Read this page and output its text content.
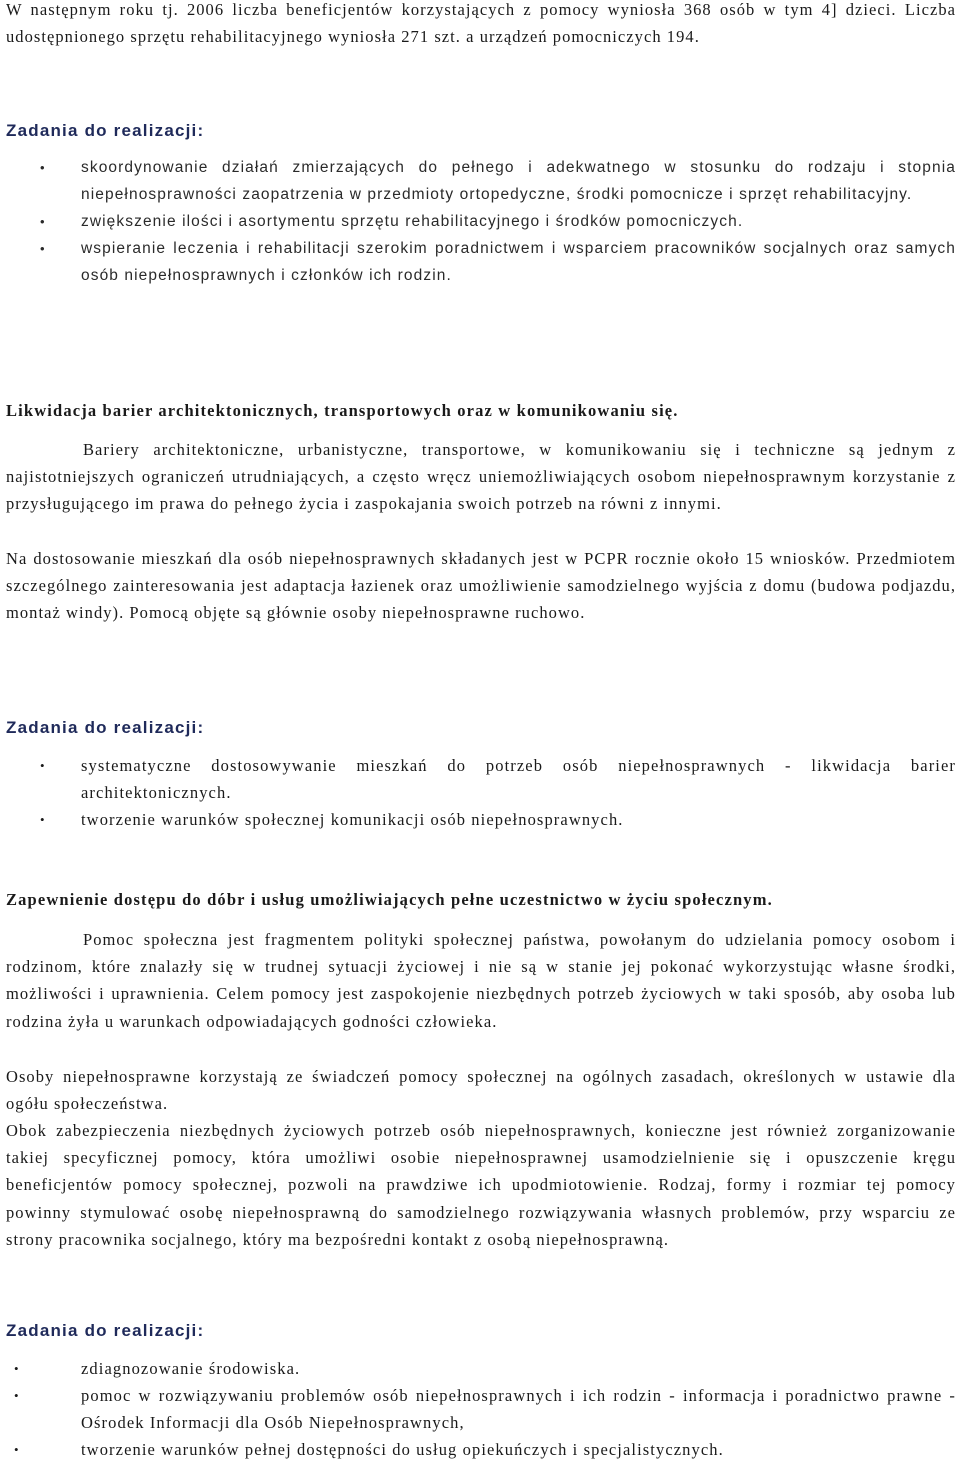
W następnym roku tj. 2006 liczba beneficjentów korzystających z pomocy wyniosła 368 osób w tym 4] dzieci. Liczba udostępnionego sprzętu rehabilitacyjnego wyniosła 271 szt. a urządzeń pomocniczych 194.

Zadania do realizacji:
• skoordynowanie działań zmierzających do pełnego i adekwatnego w stosunku do rodzaju i stopnia niepełnosprawności zaopatrzenia w przedmioty ortopedyczne, środki pomocnicze i sprzęt rehabilitacyjny.
• zwiększenie ilości i asortymentu sprzętu rehabilitacyjnego i środków pomocniczych.
• wspieranie leczenia i rehabilitacji szerokim poradnictwem i wsparciem pracowników socjalnych oraz samych osób niepełnosprawnych i członków ich rodzin.
Likwidacja barier architektonicznych, transportowych oraz w komunikowaniu się.

Bariery architektoniczne, urbanistyczne, transportowe, w komunikowaniu się i techniczne są jednym z najistotniejszych ograniczeń utrudniających, a często wręcz uniemożliwiających osobom niepełnosprawnym korzystanie z przysługującego im prawa do pełnego życia i zaspokajania swoich potrzeb na równi z innymi.

Na dostosowanie mieszkań dla osób niepełnosprawnych składanych jest w PCPR rocznie około 15 wniosków. Przedmiotem szczególnego zainteresowania jest adaptacja łazienek oraz umożliwienie samodzielnego wyjścia z domu (budowa podjazdu, montaż windy). Pomocą objęte są głównie osoby niepełnosprawne ruchowo.

Zadania do realizacji:
• systematyczne dostosowywanie mieszkań do potrzeb osób niepełnosprawnych - likwidacja barier architektonicznych.
• tworzenie warunków społecznej komunikacji osób niepełnosprawnych.
Zapewnienie dostępu do dóbr i usług umożliwiających pełne uczestnictwo w życiu społecznym.

Pomoc społeczna jest fragmentem polityki społecznej państwa, powołanym do udzielania pomocy osobom i rodzinom, które znalazły się w trudnej sytuacji życiowej i nie są w stanie jej pokonać wykorzystując własne środki, możliwości i uprawnienia. Celem pomocy jest zaspokojenie niezbędnych potrzeb życiowych w taki sposób, aby osoba lub rodzina żyła u warunkach odpowiadających godności człowieka.

Osoby niepełnosprawne korzystają ze świadczeń pomocy społecznej na ogólnych zasadach, określonych w ustawie dla ogółu społeczeństwa.

Obok zabezpieczenia niezbędnych życiowych potrzeb osób niepełnosprawnych, konieczne jest również zorganizowanie takiej specyficznej pomocy, która umożliwi osobie niepełnosprawnej usamodzielnienie się i opuszczenie kręgu beneficjentów pomocy społecznej, pozwoli na prawdziwe ich upodmiotowienie. Rodzaj, formy i rozmiar tej pomocy powinny stymulować osobę niepełnosprawną do samodzielnego rozwiązywania własnych problemów, przy wsparciu ze strony pracownika socjalnego, który ma bezpośredni kontakt z osobą niepełnosprawną.

Zadania do realizacji:
• zdiagnozowanie środowiska.
• pomoc w rozwiązywaniu problemów osób niepełnosprawnych i ich rodzin - informacja i poradnictwo prawne - Ośrodek Informacji dla Osób Niepełnosprawnych,
• tworzenie warunków pełnej dostępności do usług opiekuńczych i specjalistycznych.
